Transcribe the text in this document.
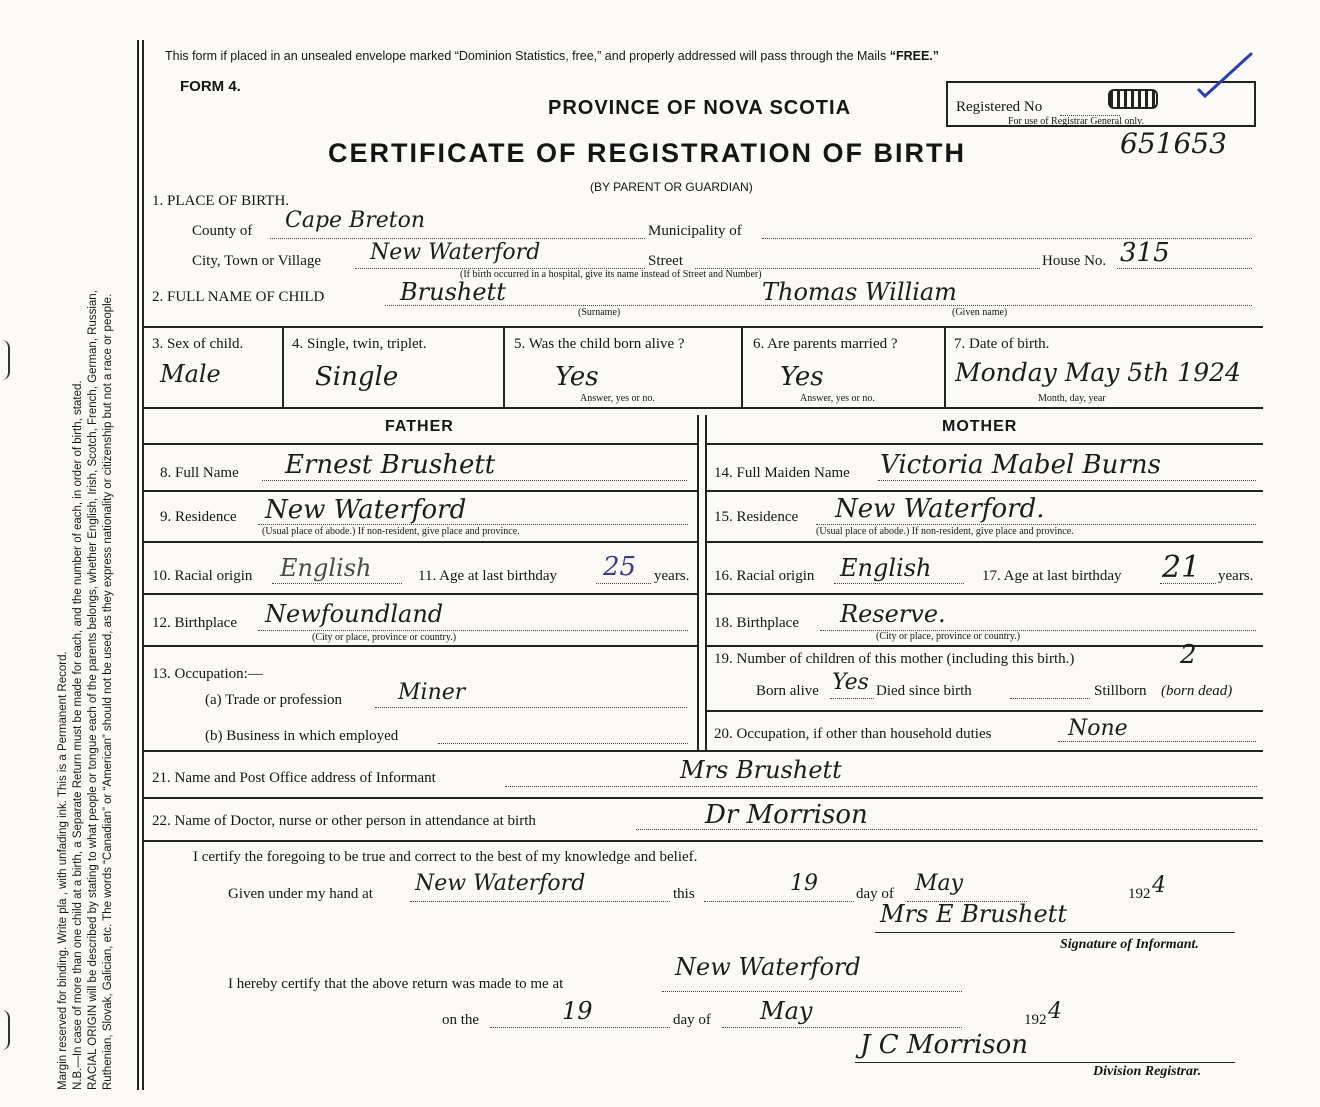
Margin reserved for binding. Write pla , with unfading ink. This is a Permanent Record. N.B.—In case of more than one child at a birth, a Separate Return must be made for each, and the number of each, in order of birth, stated. RACIAL ORIGIN will be described by stating to what people or tongue each of the parents belongs, whether English, Irish, Scotch, French, German, Russian, Ruthenian, Slovak, Galician, etc. The words “Canadian” or “American” should not be used, as they express nationality or citizenship but not a race or people.
This form if placed in an unsealed envelope marked “Dominion Statistics, free,” and properly addressed will pass through the Mails “FREE.”
FORM 4.
PROVINCE OF NOVA SCOTIA
CERTIFICATE OF REGISTRATION OF BIRTH
(BY PARENT OR GUARDIAN)
Registered No
For use of Registrar General only.
651653
1. PLACE OF BIRTH.
County of Cape Breton	Municipality of
City, Town or Village New Waterford	Street	House No. 315
(If birth occurred in a hospital, give its name instead of Street and Number)
2. FULL NAME OF CHILD	Brushett
(Surname)
Thomas William
(Given name)
3. Sex of child.
Male
4. Single, twin, triplet.
Single
5. Was the child born alive ?
Yes
Answer, yes or no.
6. Are parents married ?
Yes
Answer, yes or no.
7. Date of birth.
Monday May 5th 1924
Month, day, year
FATHER	MOTHER
8. Full Name Ernest Brushett
9. Residence New Waterford
(Usual place of abode.) If non-resident, give place and province.
10. Racial origin English	11. Age at last birthday 25 years.
12. Birthplace Newfoundland
(City or place, province or country.)
13. Occupation:—
(a) Trade or profession	Miner
(b) Business in which employed
14. Full Maiden Name Victoria Mabel Burns
15. Residence New Waterford.
(Usual place of abode.) If non-resident, give place and province.
16. Racial origin English	17. Age at last birthday 21 years.
18. Birthplace Reserve.
(City or place, province or country.)
19. Number of children of this mother (including this birth.)	2
Born alive Yes Died since birth	Stillborn (born dead)
20. Occupation, if other than household duties	None
21. Name and Post Office address of Informant	Mrs Brushett
22. Name of Doctor, nurse or other person in attendance at birth	Dr Morrison
I certify the foregoing to be true and correct to the best of my knowledge and belief.
Given under my hand at New Waterford	this	19	day of May	192 4
Mrs E Brushett
Signature of Informant.
I hereby certify that the above return was made to me at
New Waterford
on the	19	day of May	192 4
J C Morrison
Division Registrar.
